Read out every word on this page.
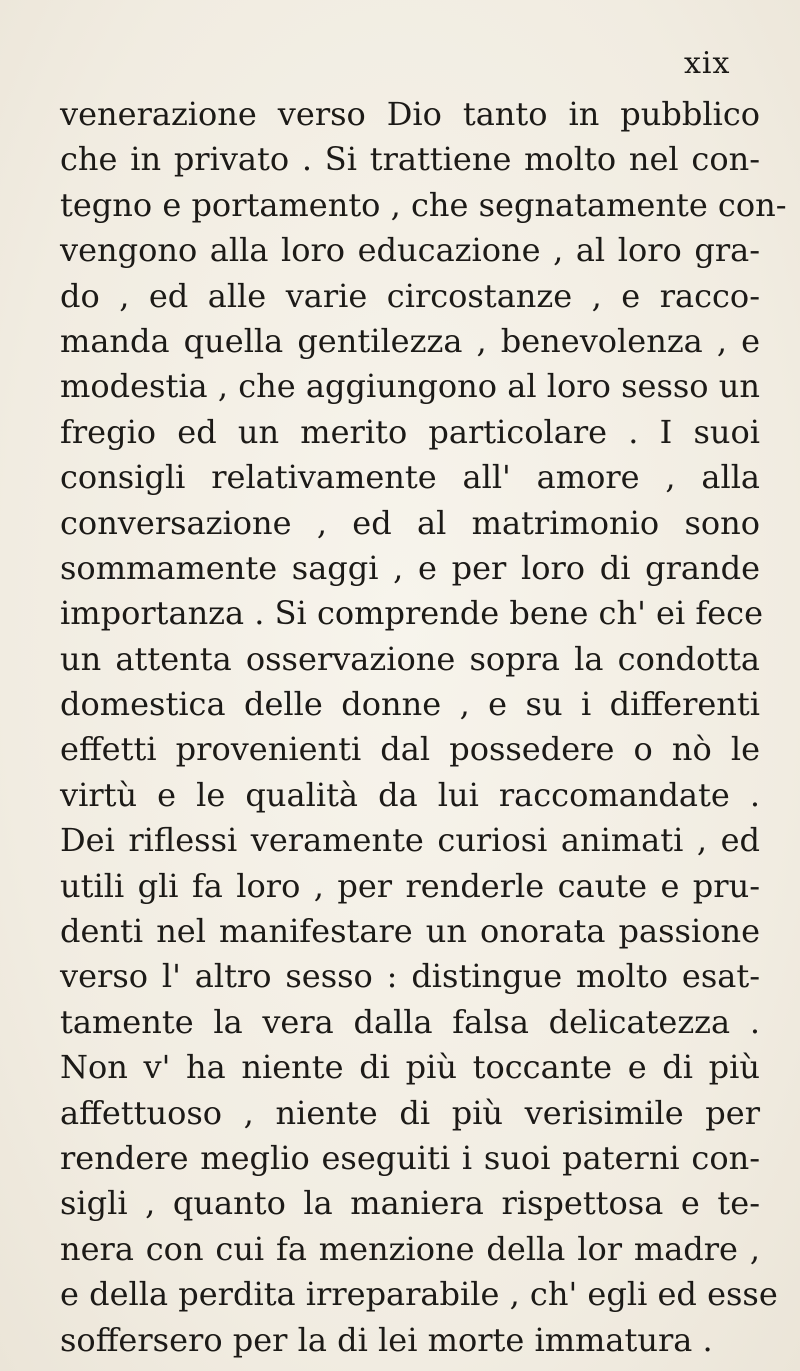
xix
venerazione verso Dio tanto in pubblico
che in privato . Si trattiene molto nel con-
tegno e portamento , che segnatamente con-
vengono alla loro educazione , al loro gra-
do , ed alle varie circostanze , e racco-
manda quella gentilezza , benevolenza , e
modestia , che aggiungono al loro sesso un
fregio ed un merito particolare . I suoi
consigli relativamente all' amore , alla
conversazione , ed al matrimonio sono
sommamente saggi , e per loro di grande
importanza . Si comprende bene ch' ei fece
un attenta osservazione sopra la condotta
domestica delle donne , e su i differenti
effetti provenienti dal possedere o nò le
virtù e le qualità da lui raccomandate .
Dei riflessi veramente curiosi animati , ed
utili gli fa loro , per renderle caute e pru-
denti nel manifestare un onorata passione
verso l' altro sesso : distingue molto esat-
tamente la vera dalla falsa delicatezza .
Non v' ha niente di più toccante e di più
affettuoso , niente di più verisimile per
rendere meglio eseguiti i suoi paterni con-
sigli , quanto la maniera rispettosa e te-
nera con cui fa menzione della lor madre ,
e della perdita irreparabile , ch' egli ed esse
soffersero per la di lei morte immatura .
